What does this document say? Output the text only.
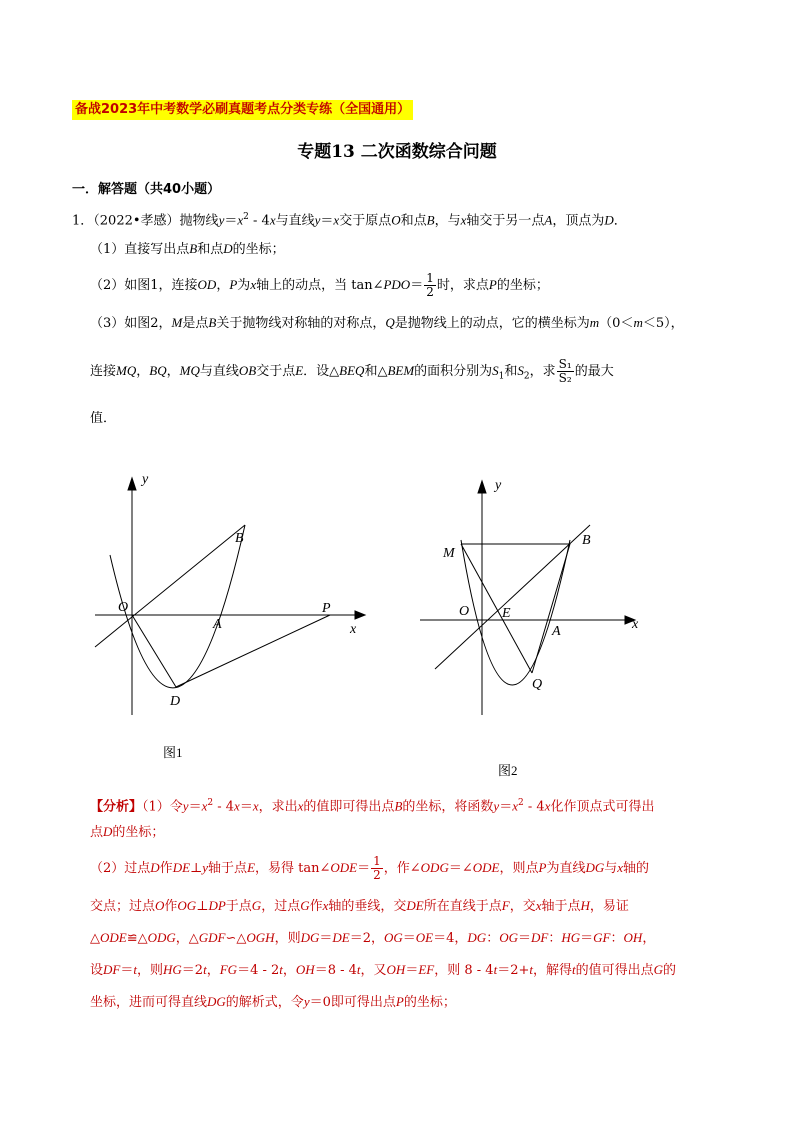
备战2023年中考数学必刷真题考点分类专练（全国通用）
专题13 二次函数综合问题
一．解答题（共40小题）
1．（2022•孝感）抛物线$y=x^2 - 4x$与直线y＝x交于原点O和点B，与x轴交于另一点A，顶点为D．
（1）直接写出点B和点D的坐标；
（2）如图1，连接OD，P为x轴上的动点，当 tan∠PDO＝ $\frac{1}{2}$ 时，求点P的坐标；
（3）如图2，M是点B关于抛物线对称轴的对称点，Q是抛物线上的动点，它的横坐标为m（0＜m＜5），
连接MQ，BQ，MQ与直线OB交于点E．设△BEQ和△BEM的面积分别为$S_1$和$S_2$，求 $\frac{\text{S₁}}{\text{S₂}}$ 的最大
值．
y
x
O
A
B
P
D
图1
y
x
O E
A
B
M
Q
图2
【分析】（1）令$y=x^2 - 4x=x$，求出x的值即可得出点B的坐标，将函数$y=x^2 - 4x$化作顶点式可得出
点D的坐标；
（2）过点D作DE⊥y轴于点E，易得 tan∠ODE＝ $\frac{1}{2}$ ，作∠ODG＝∠ODE，则点P为直线DG与x轴的
交点；过点O作OG⊥DP于点G，过点G作x轴的垂线，交DE所在直线于点F，交x轴于点H，易证
△ODE≌△ODG，△GDF∽△OGH，则DG＝DE＝2，OG＝OE＝4，DG：OG＝DF：HG＝GF：OH，
设DF＝t，则HG＝2t，FG＝4 - 2t，OH＝8 - 4t，又OH＝EF，则 8 - 4t＝2+t，解得t的值可得出点G的
坐标，进而可得直线DG的解析式，令y＝0即可得出点P的坐标；
